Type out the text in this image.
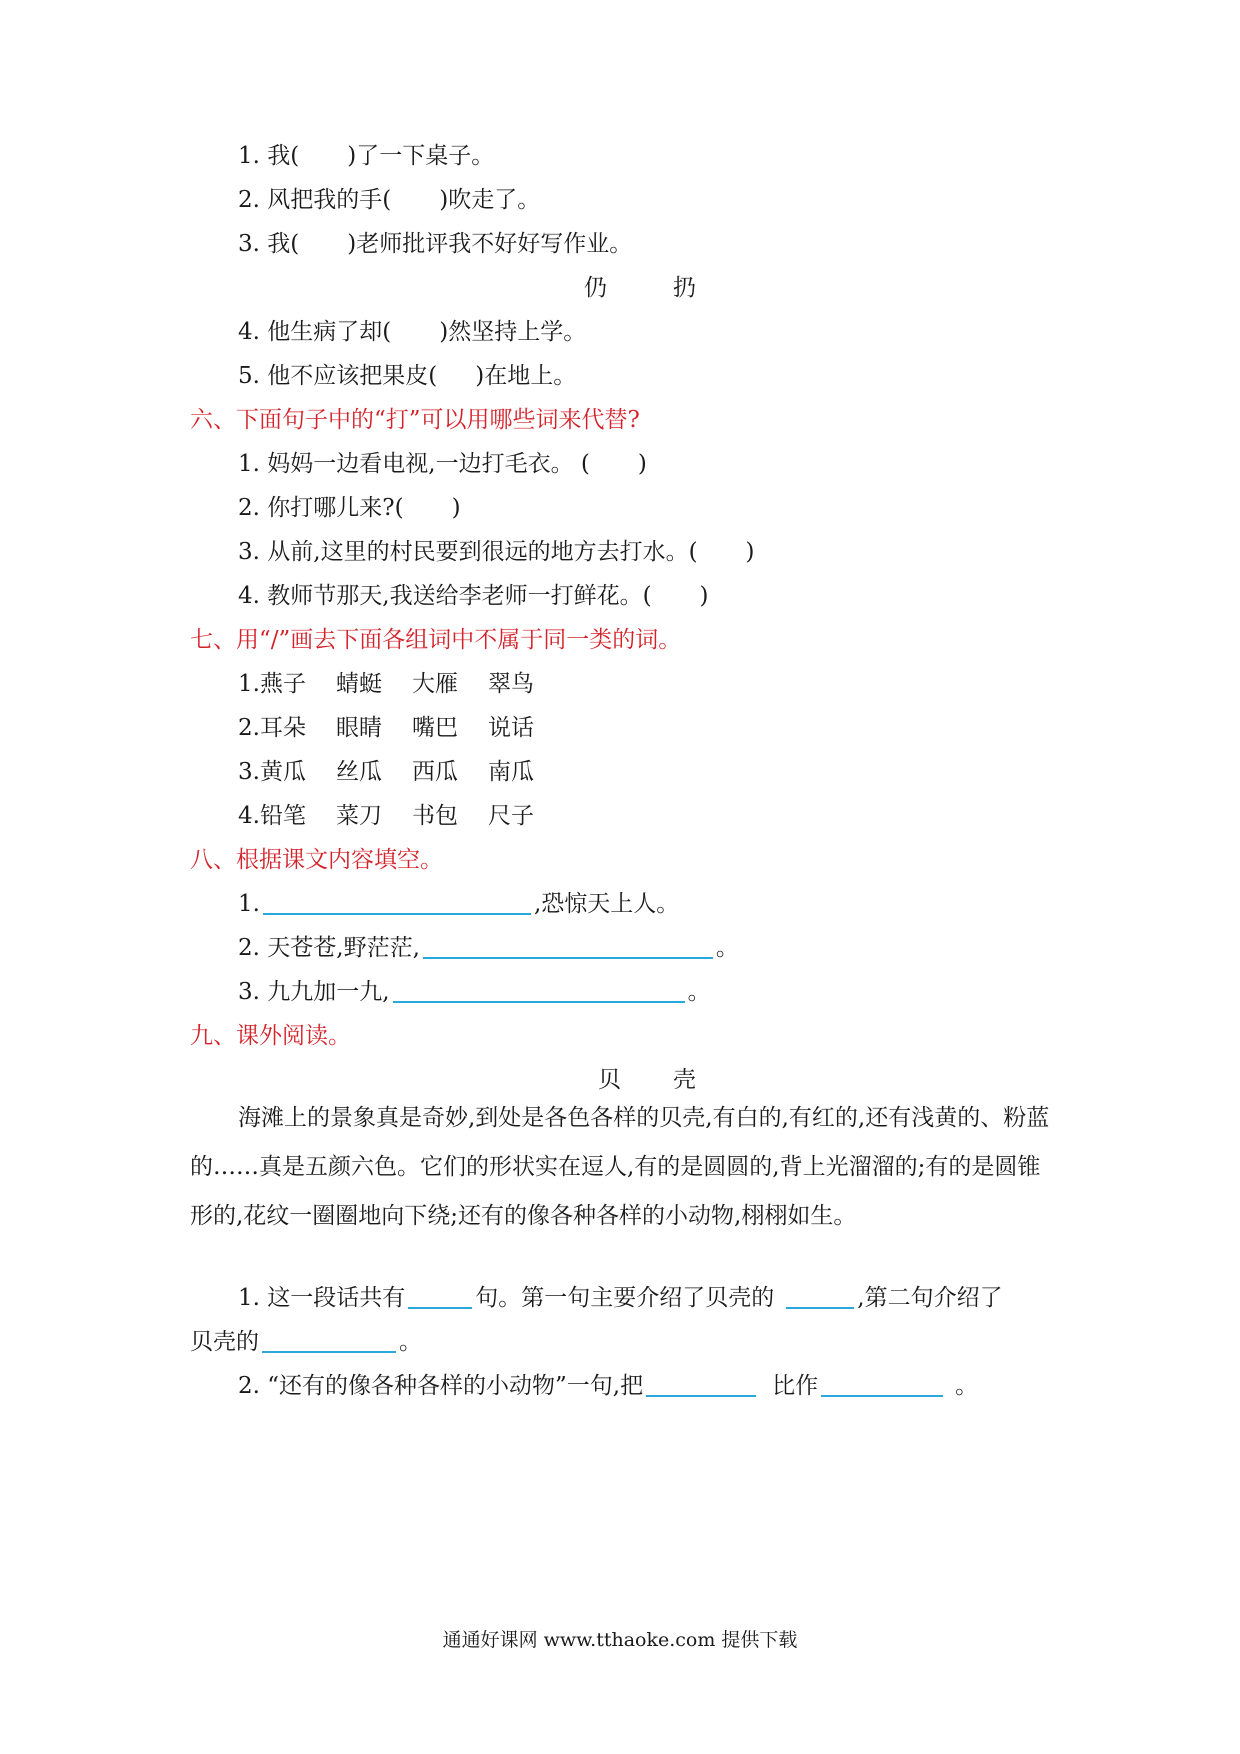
1. 我( )了一下桌子。
2. 风把我的手( )吹走了。
3. 我( )老师批评我不好好写作业。
仍	扔
4. 他生病了却( )然坚持上学。
5. 他不应该把果皮( )在地上。
六、下面句子中的“打”可以用哪些词来代替?
1. 妈妈一边看电视,一边打毛衣。 ( )
2. 你打哪儿来?( )
3. 从前,这里的村民要到很远的地方去打水。( )
4. 教师节那天,我送给李老师一打鲜花。( )
七、用“/”画去下面各组词中不属于同一类的词。
1.燕子 蜻蜓 大雁 翠鸟
2.耳朵 眼睛 嘴巴 说话
3.黄瓜 丝瓜 西瓜 南瓜
4.铅笔 菜刀 书包 尺子
八、根据课文内容填空。
1.	,恐惊天上人。
2. 天苍苍,野茫茫,	。
3. 九九加一九,	。
九、课外阅读。
贝 壳

海滩上的景象真是奇妙,到处是各色各样的贝壳,有白的,有红的,还有浅黄的、粉蓝的……真是五颜六色。它们的形状实在逗人,有的是圆圆的,背上光溜溜的;有的是圆锥形的,花纹一圈圈地向下绕;还有的像各种各样的小动物,栩栩如生。

1. 这一段话共有	句。第一句主要介绍了贝壳的	,第二句介绍了
贝壳的	。
2. “还有的像各种各样的小动物”一句,把	比作	。
通通好课网 www.tthaoke.com 提供下载
